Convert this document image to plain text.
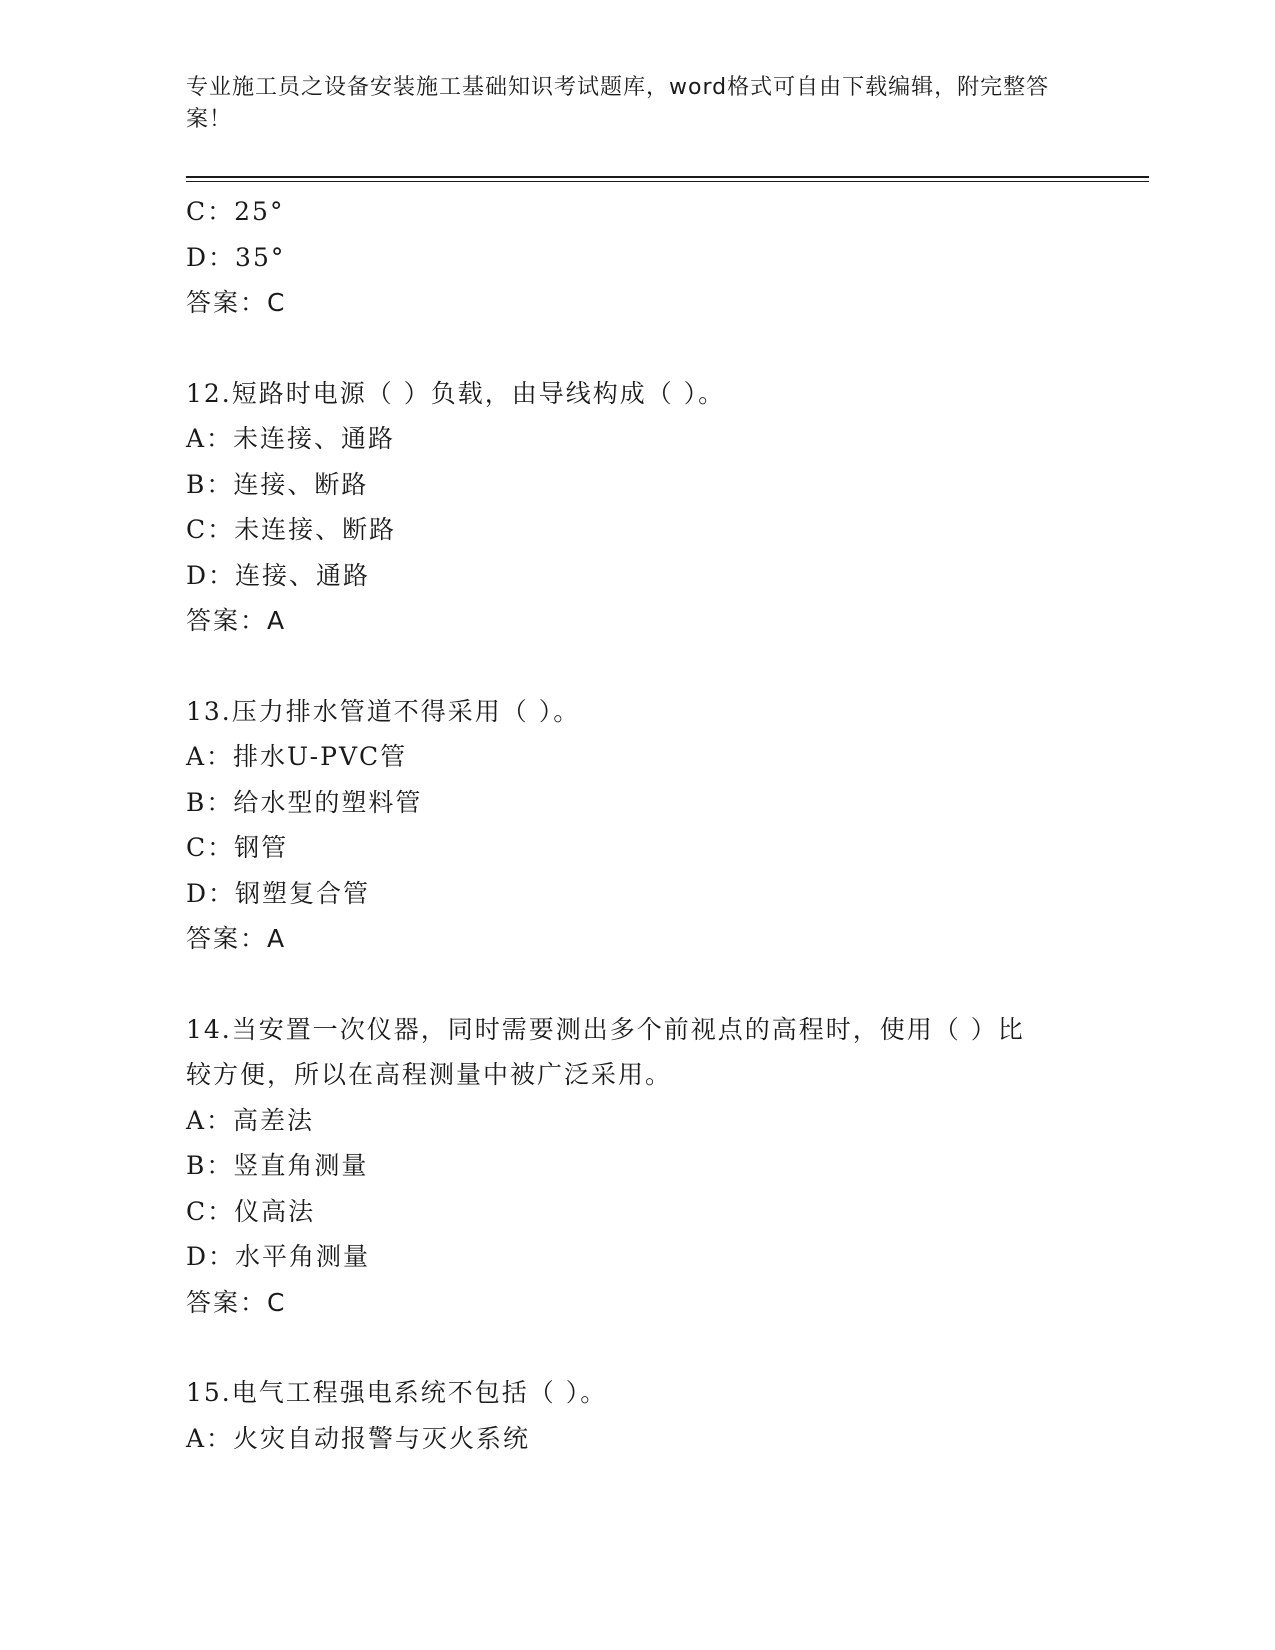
专业施工员之设备安装施工基础知识考试题库，word格式可自由下载编辑，附完整答案！
C：25°
D：35°
答案：C
12.短路时电源（ ）负载，由导线构成（ ）。
A：未连接、通路
B：连接、断路
C：未连接、断路
D：连接、通路
答案：A
13.压力排水管道不得采用（ ）。
A：排水U-PVC管
B：给水型的塑料管
C：钢管
D：钢塑复合管
答案：A
14.当安置一次仪器，同时需要测出多个前视点的高程时，使用（ ）比较方便，所以在高程测量中被广泛采用。
A：高差法
B：竖直角测量
C：仪高法
D：水平角测量
答案：C
15.电气工程强电系统不包括（ ）。
A：火灾自动报警与灭火系统
